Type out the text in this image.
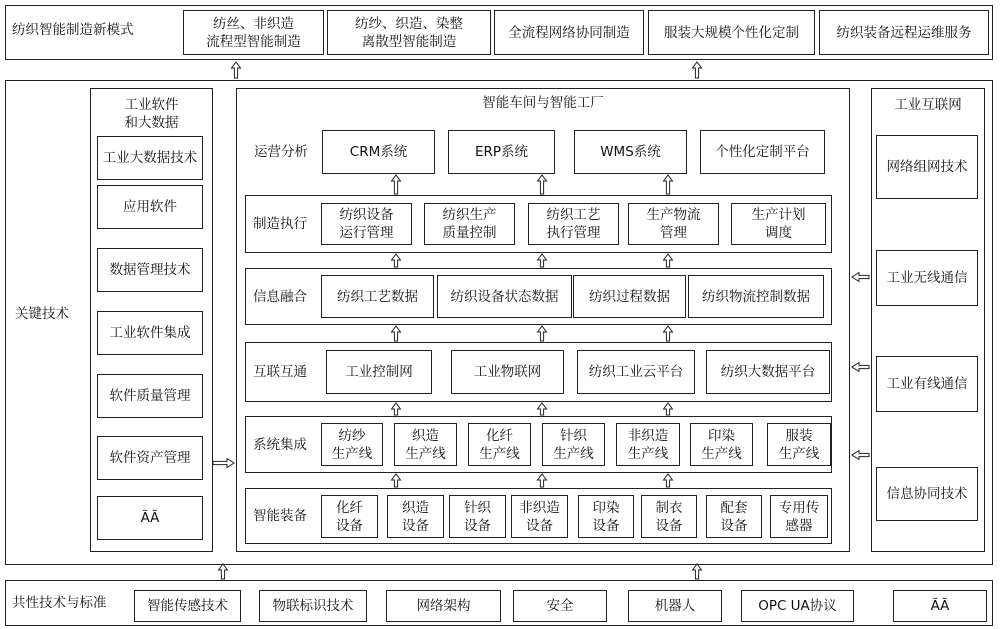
纺织智能制造新模式	纺丝、非织造
流程型智能制造
纺纱、织造、染整
离散型智能制造
全流程网络协同制造	服装大规模个性化定制	纺织装备远程运维服务
关键技术
工业软件
和大数据
工业大数据技术
应用软件
数据管理技术
工业软件集成
软件质量管理
软件资产管理
ÃÃ
智能车间与智能工厂
运营分析	CRM系统	ERP系统	WMS系统	个性化定制平台
制造执行
纺织设备
运行管理
纺织生产
质量控制
纺织工艺
执行管理
生产物流
管理
生产计划
调度
信息融合	纺织工艺数据	纺织设备状态数据	纺织过程数据	纺织物流控制数据
互联互通	工业控制网	工业物联网	纺织工业云平台	纺织大数据平台
系统集成
纺纱
生产线
织造
生产线
化纤
生产线
针织
生产线
非织造
生产线
印染
生产线
服装
生产线
智能装备
化纤
设备
织造
设备
针织
设备
非织造
设备
印染
设备
制衣
设备
配套
设备
专用传
感器
工业互联网
网络组网技术
工业无线通信
工业有线通信
信息协同技术
共性技术与标准	智能传感技术	物联标识技术	网络架构	安全	机器人	OPC UA协议	ÃÃ
